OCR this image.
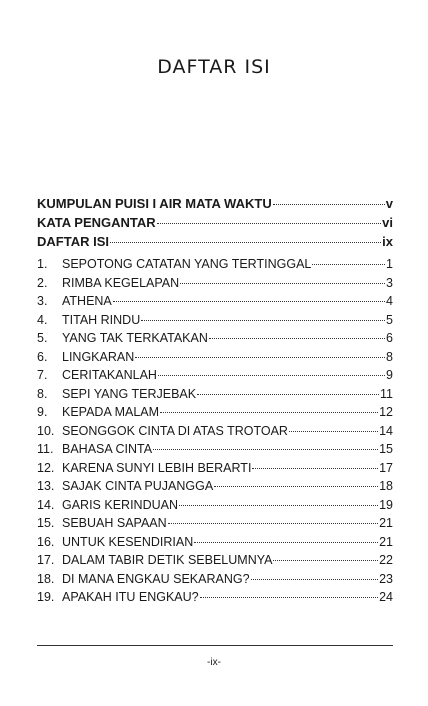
DAFTAR ISI
KUMPULAN PUISI I AIR MATA WAKTU	v
KATA PENGANTAR	vi
DAFTAR ISI	ix
1.	SEPOTONG CATATAN YANG TERTINGGAL	1
2.	RIMBA KEGELAPAN	3
3.	ATHENA	4
4.	TITAH RINDU	5
5.	YANG TAK TERKATAKAN	6
6.	LINGKARAN	8
7.	CERITAKANLAH	9
8.	SEPI YANG TERJEBAK	11
9.	KEPADA MALAM	12
10. SEONGGOK CINTA DI ATAS TROTOAR	14
11. BAHASA CINTA	15
12. KARENA SUNYI LEBIH BERARTI	17
13. SAJAK CINTA PUJANGGA	18
14. GARIS KERINDUAN	19
15. SEBUAH SAPAAN	21
16. UNTUK KESENDIRIAN	21
17. DALAM TABIR DETIK SEBELUMNYA	22
18. DI MANA ENGKAU SEKARANG?	23
19. APAKAH ITU ENGKAU?	24
-ix-
